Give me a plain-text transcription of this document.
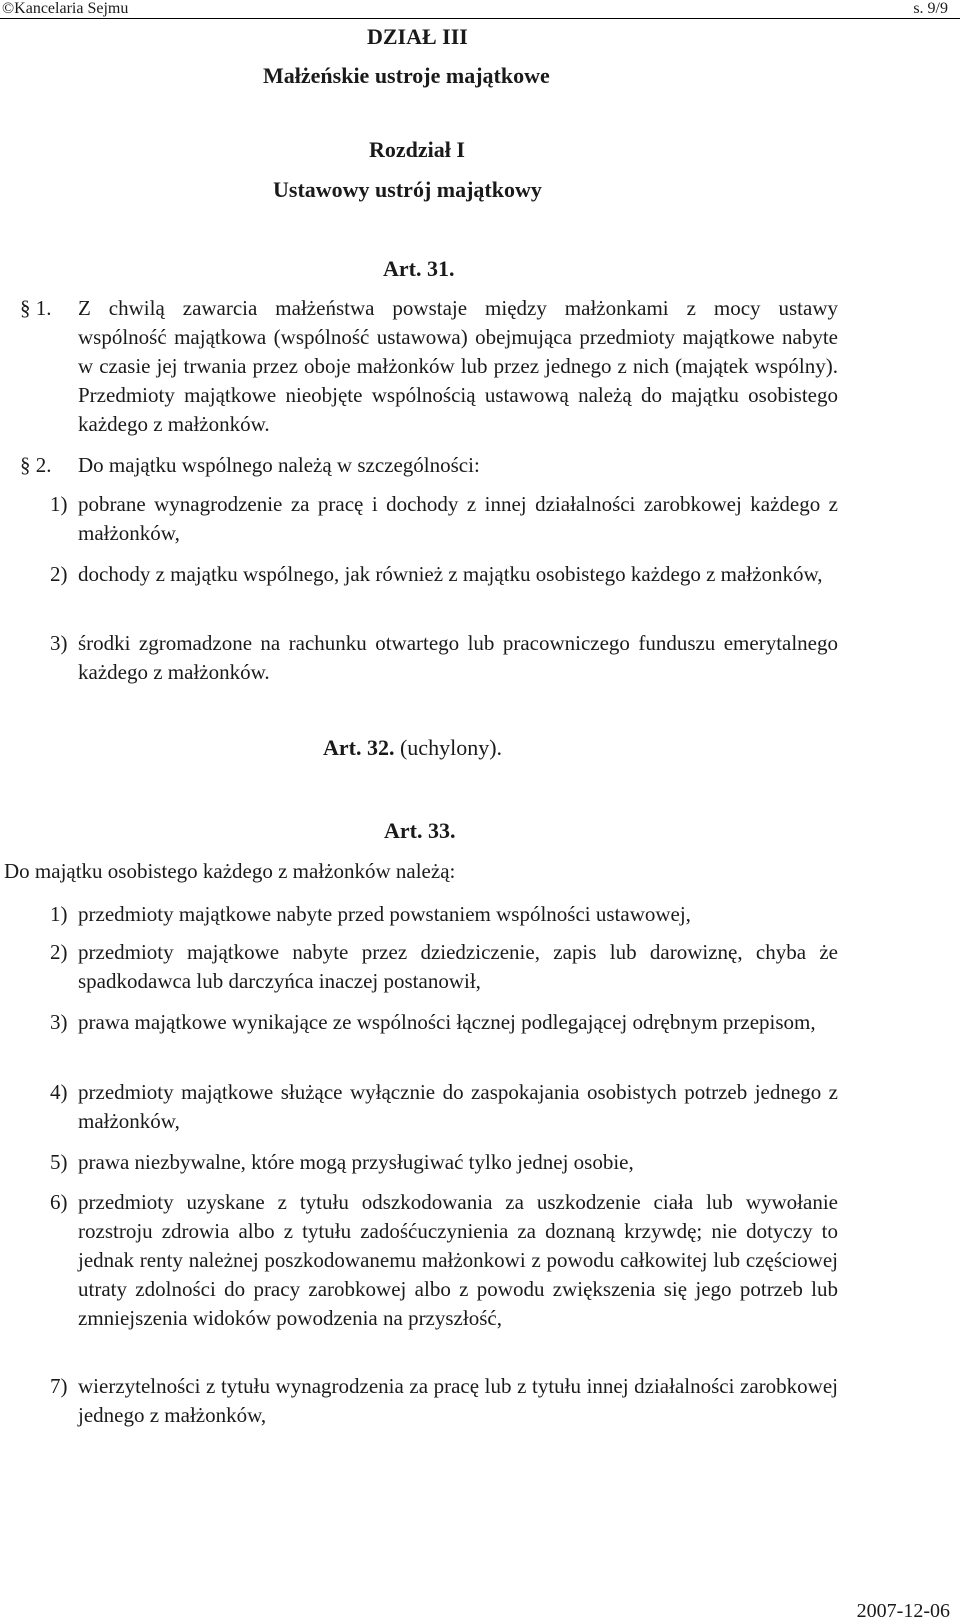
©Kancelaria Sejmu	s. 9/9
DZIAŁ III
Małżeńskie ustroje majątkowe
Rozdział I
Ustawowy ustrój majątkowy
Art. 31.
§ 1. Z chwilą zawarcia małżeństwa powstaje między małżonkami z mocy ustawy
wspólność majątkowa (wspólność ustawowa) obejmująca przedmioty majątkowe nabyte w czasie jej trwania przez oboje małżonków lub przez jednego z nich (majątek wspólny). Przedmioty majątkowe nieobjęte wspólnością ustawową należą do majątku osobistego każdego z małżonków.
§ 2. Do majątku wspólnego należą w szczególności:
1) pobrane wynagrodzenie za pracę i dochody z innej działalności zarobkowej każdego z małżonków,
2) dochody z majątku wspólnego, jak również z majątku osobistego każdego z małżonków,
3) środki zgromadzone na rachunku otwartego lub pracowniczego funduszu emerytalnego każdego z małżonków.
Art. 32. (uchylony).
Art. 33.
Do majątku osobistego każdego z małżonków należą:
1) przedmioty majątkowe nabyte przed powstaniem wspólności ustawowej,
2) przedmioty majątkowe nabyte przez dziedziczenie, zapis lub darowiznę, chyba że spadkodawca lub darczyńca inaczej postanowił,
3) prawa majątkowe wynikające ze wspólności łącznej podlegającej odrębnym przepisom,
4) przedmioty majątkowe służące wyłącznie do zaspokajania osobistych potrzeb jednego z małżonków,
5) prawa niezbywalne, które mogą przysługiwać tylko jednej osobie,
6) przedmioty uzyskane z tytułu odszkodowania za uszkodzenie ciała lub wywołanie rozstroju zdrowia albo z tytułu zadośćuczynienia za doznaną krzywdę; nie dotyczy to jednak renty należnej poszkodowanemu małżonkowi z powodu całkowitej lub częściowej utraty zdolności do pracy zarobkowej albo z powodu zwiększenia się jego potrzeb lub zmniejszenia widoków powodzenia na przyszłość,
7) wierzytelności z tytułu wynagrodzenia za pracę lub z tytułu innej działalności zarobkowej jednego z małżonków,
2007-12-06
